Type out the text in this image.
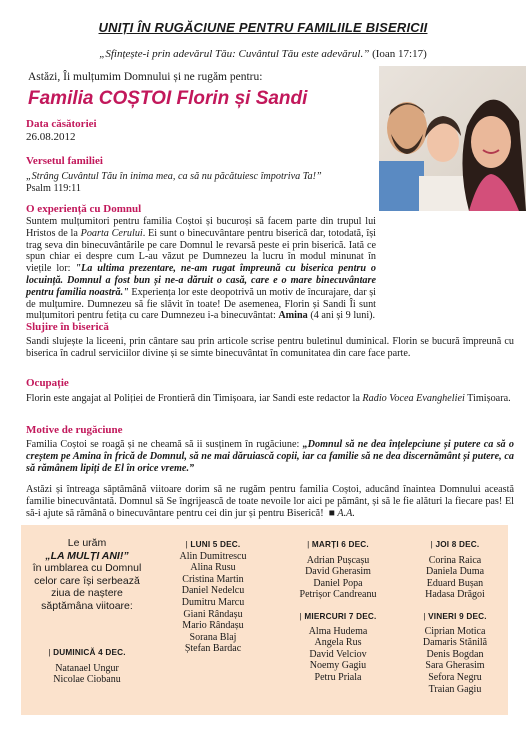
UNIȚI ÎN RUGĂCIUNE PENTRU FAMILIILE BISERICII
„Sfințește-i prin adevărul Tău: Cuvântul Tău este adevărul.” (Ioan 17:17)
Astăzi, Îi mulțumim Domnului și ne rugăm pentru:
Familia COȘTOI Florin și Sandi
Data căsătoriei
26.08.2012
Versetul familiei
„Strâng Cuvântul Tău în inima mea, ca să nu păcătuiesc împotriva Ta!”
Psalm 119:11
O experiență cu Domnul
Suntem mulțumitori pentru familia Coștoi și bucuroși să facem parte din trupul lui Hristos de la Poarta Cerului. Ei sunt o binecuvântare pentru biserică dar, totodată, își trag seva din binecuvântările pe care Domnul le revarsă peste ei prin biserică. Iată ce spun chiar ei despre cum L-au văzut pe Dumnezeu la lucru în modul minunat în viețile lor: "La ultima prezentare, ne-am rugat împreună cu biserica pentru o locuință. Domnul a fost bun și ne-a dăruit o casă, care e o mare binecuvântare pentru familia noastră." Experiența lor este deopotrivă un motiv de încurajare, dar și de mulțumire. Dumnezeu să fie slăvit în toate! De asemenea, Florin și Sandi Îi sunt mulțumitori pentru fetița cu care Dumnezeu i-a binecuvântat: Amina (4 ani și 9 luni).
Slujire în biserică
Sandi slujește la liceeni, prin cântare sau prin articole scrise pentru buletinul duminical. Florin se bucură împreună cu biserica în cadrul serviciilor divine și se simte binecuvântat în comunitatea din care face parte.
Ocupație
Florin este angajat al Poliției de Frontieră din Timișoara, iar Sandi este redactor la Radio Vocea Evangheliei Timișoara.
Motive de rugăciune
Familia Coștoi se roagă și ne cheamă să ii susținem în rugăciune: „Domnul să ne dea înțelepciune și putere ca să o creștem pe Amina în frică de Domnul, să ne mai dăruiască copii, iar ca familie să ne dea discernământ și putere, ca să rămânem lipiți de El în orice vreme.”
Astăzi și întreaga săptămână viitoare dorim să ne rugăm pentru familia Coștoi, aducând înaintea Domnului această familie binecuvântată. Domnul să Se îngrijească de toate nevoile lor aici pe pământ, și să le fie alături la fiecare pas! El să-i ajute să rămână o binecuvântare pentru cei din jur și pentru Biserică! ■ A.A.
Le urăm
„LA MULȚI ANI!”
în umblarea cu Domnul celor care își serbează ziua de naștere săptămâna viitoare:
| DUMINICĂ 4 DEC.
Natanael Ungur
Nicolae Ciobanu
| LUNI 5 DEC.
Alin Dumitrescu
Alina Rusu
Cristina Martin
Daniel Nedelcu
Dumitru Marcu
Giani Rândașu
Mario Rândașu
Sorana Blaj
Ștefan Bardac
| MARȚI 6 DEC.
Adrian Pușcașu
David Gherasim
Daniel Popa
Petrișor Candreanu
| MIERCURI 7 DEC.
Alma Hudema
Angela Rus
David Velciov
Noemy Gagiu
Petru Priala
| JOI 8 DEC.
Corina Raica
Daniela Duma
Eduard Bușan
Hadasa Drăgoi
| VINERI 9 DEC.
Ciprian Motica
Damaris Stănilă
Denis Bogdan
Sara Gherasim
Sefora Negru
Traian Gagiu
